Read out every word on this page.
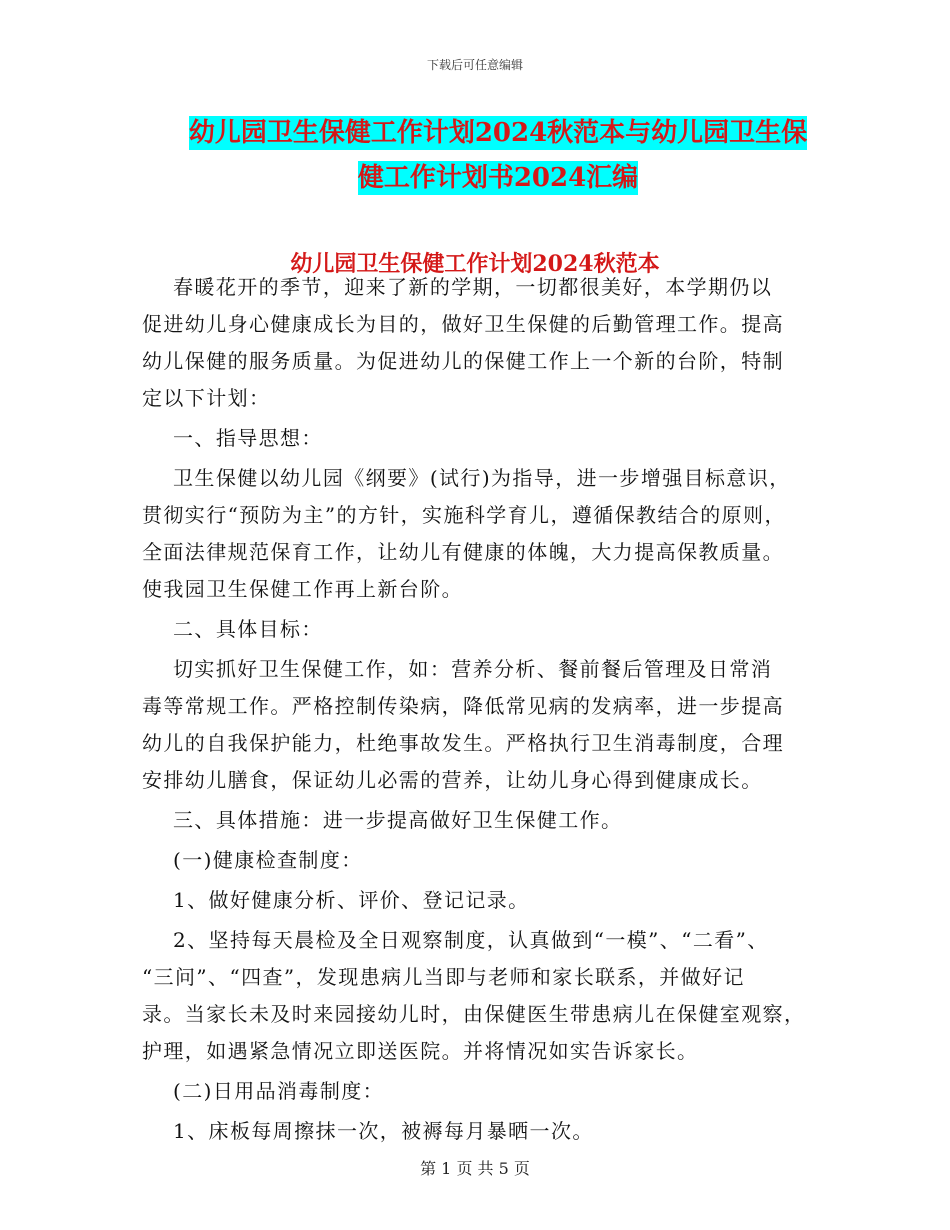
下载后可任意编辑
幼儿园卫生保健工作计划2024秋范本与幼儿园卫生保
健工作计划书2024汇编
幼儿园卫生保健工作计划2024秋范本
春暖花开的季节，迎来了新的学期，一切都很美好，本学期仍以
促进幼儿身心健康成长为目的，做好卫生保健的后勤管理工作。提高
幼儿保健的服务质量。为促进幼儿的保健工作上一个新的台阶，特制
定以下计划：
一、指导思想：
卫生保健以幼儿园《纲要》(试行)为指导，进一步增强目标意识，
贯彻实行“预防为主”的方针，实施科学育儿，遵循保教结合的原则，
全面法律规范保育工作，让幼儿有健康的体魄，大力提高保教质量。
使我园卫生保健工作再上新台阶。
二、具体目标：
切实抓好卫生保健工作，如：营养分析、餐前餐后管理及日常消
毒等常规工作。严格控制传染病，降低常见病的发病率，进一步提高
幼儿的自我保护能力，杜绝事故发生。严格执行卫生消毒制度，合理
安排幼儿膳食，保证幼儿必需的营养，让幼儿身心得到健康成长。
三、具体措施：进一步提高做好卫生保健工作。
(一)健康检查制度：
1、做好健康分析、评价、登记记录。
2、坚持每天晨检及全日观察制度，认真做到“一模”、“二看”、
“三问”、“四查”，发现患病儿当即与老师和家长联系，并做好记
录。当家长未及时来园接幼儿时，由保健医生带患病儿在保健室观察，
护理，如遇紧急情况立即送医院。并将情况如实告诉家长。
(二)日用品消毒制度：
1、床板每周擦抹一次，被褥每月暴晒一次。
第 1 页 共 5 页
